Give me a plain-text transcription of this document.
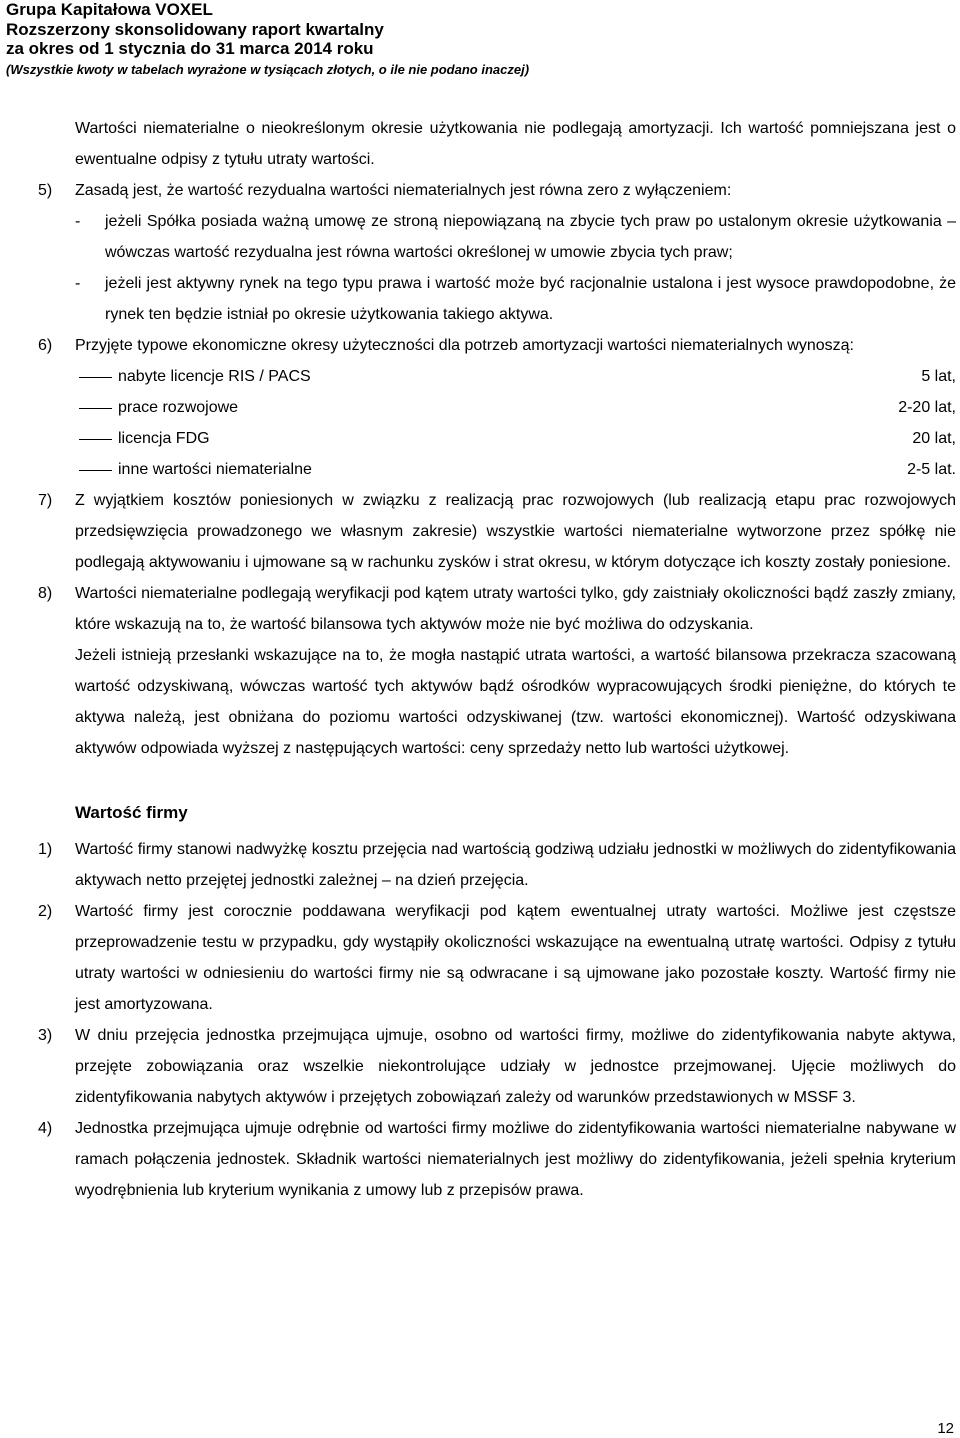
Grupa Kapitałowa VOXEL
Rozszerzony skonsolidowany raport kwartalny
za okres od 1 stycznia do 31 marca 2014 roku
(Wszystkie kwoty w tabelach wyrażone w tysiącach złotych, o ile nie podano inaczej)
Wartości niematerialne o nieokreślonym okresie użytkowania nie podlegają amortyzacji. Ich wartość pomniejszana jest o ewentualne odpisy z tytułu utraty wartości.
5)	Zasadą jest, że wartość rezydualna wartości niematerialnych jest równa zero z wyłączeniem:
-	jeżeli Spółka posiada ważną umowę ze stroną niepowiązaną na zbycie tych praw po ustalonym okresie użytkowania – wówczas wartość rezydualna jest równa wartości określonej w umowie zbycia tych praw;
-	jeżeli jest aktywny rynek na tego typu prawa i wartość może być racjonalnie ustalona i jest wysoce prawdopodobne, że rynek ten będzie istniał po okresie użytkowania takiego aktywa.
6)	Przyjęte typowe ekonomiczne okresy użyteczności dla potrzeb amortyzacji wartości niematerialnych wynoszą:
nabyte licencje RIS / PACS	5 lat,
prace rozwojowe	2-20 lat,
licencja FDG	20 lat,
inne wartości niematerialne	2-5 lat.
7)	Z wyjątkiem kosztów poniesionych w związku z realizacją prac rozwojowych (lub realizacją etapu prac rozwojowych przedsięwzięcia prowadzonego we własnym zakresie) wszystkie wartości niematerialne wytworzone przez spółkę nie podlegają aktywowaniu i ujmowane są w rachunku zysków i strat okresu, w którym dotyczące ich koszty zostały poniesione.
8)	Wartości niematerialne podlegają weryfikacji pod kątem utraty wartości tylko, gdy zaistniały okoliczności bądź zaszły zmiany, które wskazują na to, że wartość bilansowa tych aktywów może nie być możliwa do odzyskania.
Jeżeli istnieją przesłanki wskazujące na to, że mogła nastąpić utrata wartości, a wartość bilansowa przekracza szacowaną wartość odzyskiwaną, wówczas wartość tych aktywów bądź ośrodków wypracowujących środki pieniężne, do których te aktywa należą, jest obniżana do poziomu wartości odzyskiwanej (tzw. wartości ekonomicznej). Wartość odzyskiwana aktywów odpowiada wyższej z następujących wartości: ceny sprzedaży netto lub wartości użytkowej.
Wartość firmy
1)	Wartość firmy stanowi nadwyżkę kosztu przejęcia nad wartością godziwą udziału jednostki w możliwych do zidentyfikowania aktywach netto przejętej jednostki zależnej – na dzień przejęcia.
2)	Wartość firmy jest corocznie poddawana weryfikacji pod kątem ewentualnej utraty wartości. Możliwe jest częstsze przeprowadzenie testu w przypadku, gdy wystąpiły okoliczności wskazujące na ewentualną utratę wartości. Odpisy z tytułu utraty wartości w odniesieniu do wartości firmy nie są odwracane i są ujmowane jako pozostałe koszty. Wartość firmy nie jest amortyzowana.
3)	W dniu przejęcia jednostka przejmująca ujmuje, osobno od wartości firmy, możliwe do zidentyfikowania nabyte aktywa, przejęte zobowiązania oraz wszelkie niekontrolujące udziały w jednostce przejmowanej. Ujęcie możliwych do zidentyfikowania nabytych aktywów i przejętych zobowiązań zależy od warunków przedstawionych w MSSF 3.
4)	Jednostka przejmująca ujmuje odrębnie od wartości firmy możliwe do zidentyfikowania wartości niematerialne nabywane w ramach połączenia jednostek. Składnik wartości niematerialnych jest możliwy do zidentyfikowania, jeżeli spełnia kryterium wyodrębnienia lub kryterium wynikania z umowy lub z przepisów prawa.
12
